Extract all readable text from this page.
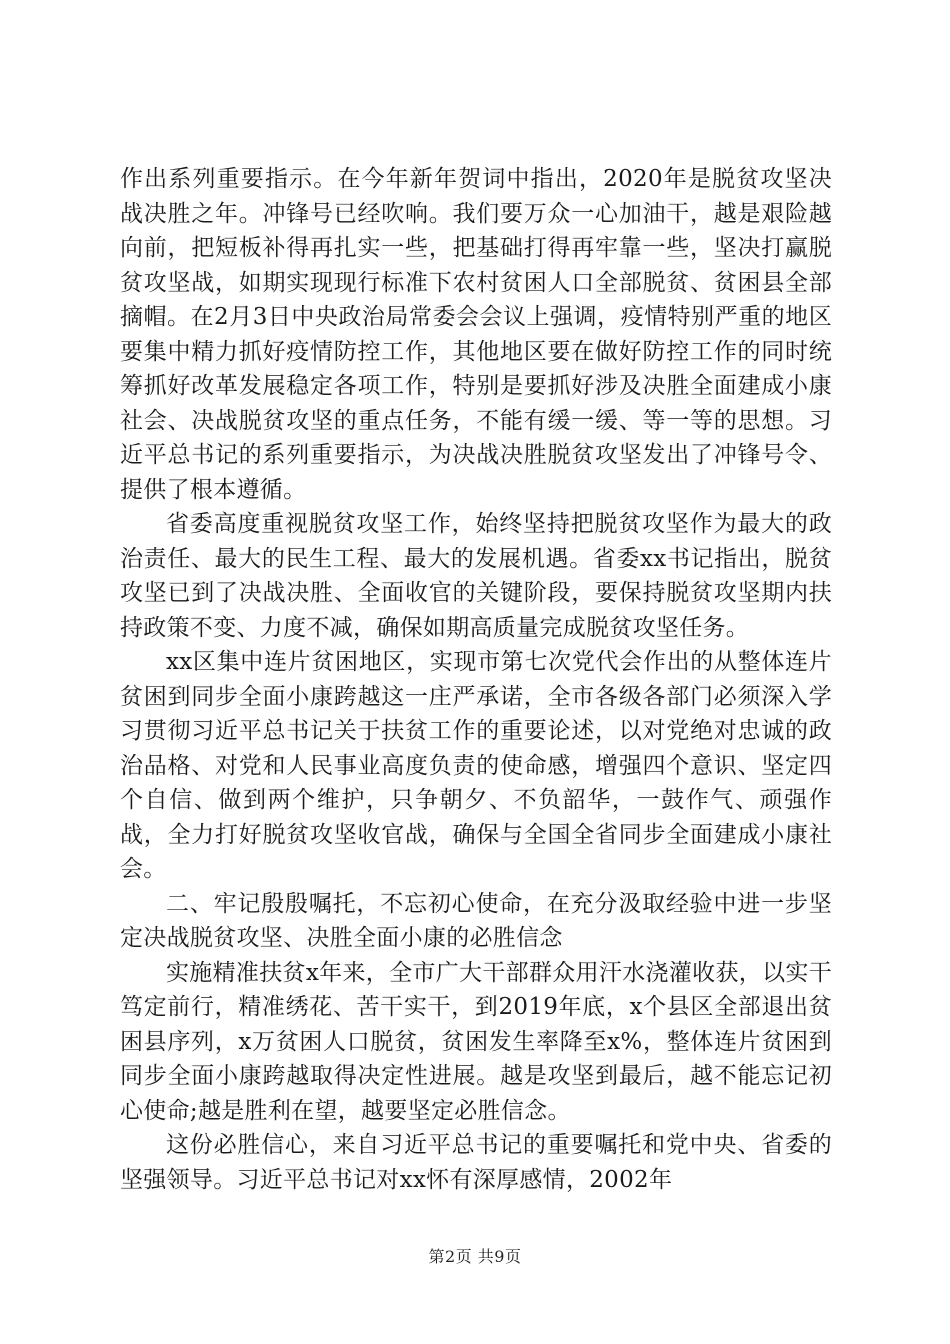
作出系列重要指示。在今年新年贺词中指出，2020年是脱贫攻坚决战决胜之年。冲锋号已经吹响。我们要万众一心加油干，越是艰险越向前，把短板补得再扎实一些，把基础打得再牢靠一些，坚决打赢脱贫攻坚战，如期实现现行标准下农村贫困人口全部脱贫、贫困县全部摘帽。在2月3日中央政治局常委会会议上强调，疫情特别严重的地区要集中精力抓好疫情防控工作，其他地区要在做好防控工作的同时统筹抓好改革发展稳定各项工作，特别是要抓好涉及决胜全面建成小康社会、决战脱贫攻坚的重点任务，不能有缓一缓、等一等的思想。习近平总书记的系列重要指示，为决战决胜脱贫攻坚发出了冲锋号令、提供了根本遵循。

省委高度重视脱贫攻坚工作，始终坚持把脱贫攻坚作为最大的政治责任、最大的民生工程、最大的发展机遇。省委xx书记指出，脱贫攻坚已到了决战决胜、全面收官的关键阶段，要保持脱贫攻坚期内扶持政策不变、力度不减，确保如期高质量完成脱贫攻坚任务。

xx区集中连片贫困地区，实现市第七次党代会作出的从整体连片贫困到同步全面小康跨越这一庄严承诺，全市各级各部门必须深入学习贯彻习近平总书记关于扶贫工作的重要论述，以对党绝对忠诚的政治品格、对党和人民事业高度负责的使命感，增强四个意识、坚定四个自信、做到两个维护，只争朝夕、不负韶华，一鼓作气、顽强作战，全力打好脱贫攻坚收官战，确保与全国全省同步全面建成小康社会。

二、牢记殷殷嘱托，不忘初心使命，在充分汲取经验中进一步坚定决战脱贫攻坚、决胜全面小康的必胜信念

实施精准扶贫x年来，全市广大干部群众用汗水浇灌收获，以实干笃定前行，精准绣花、苦干实干，到2019年底，x个县区全部退出贫困县序列，x万贫困人口脱贫，贫困发生率降至x%，整体连片贫困到同步全面小康跨越取得决定性进展。越是攻坚到最后，越不能忘记初心使命;越是胜利在望，越要坚定必胜信念。

这份必胜信心，来自习近平总书记的重要嘱托和党中央、省委的坚强领导。习近平总书记对xx怀有深厚感情，2002年

第2页 共9页
